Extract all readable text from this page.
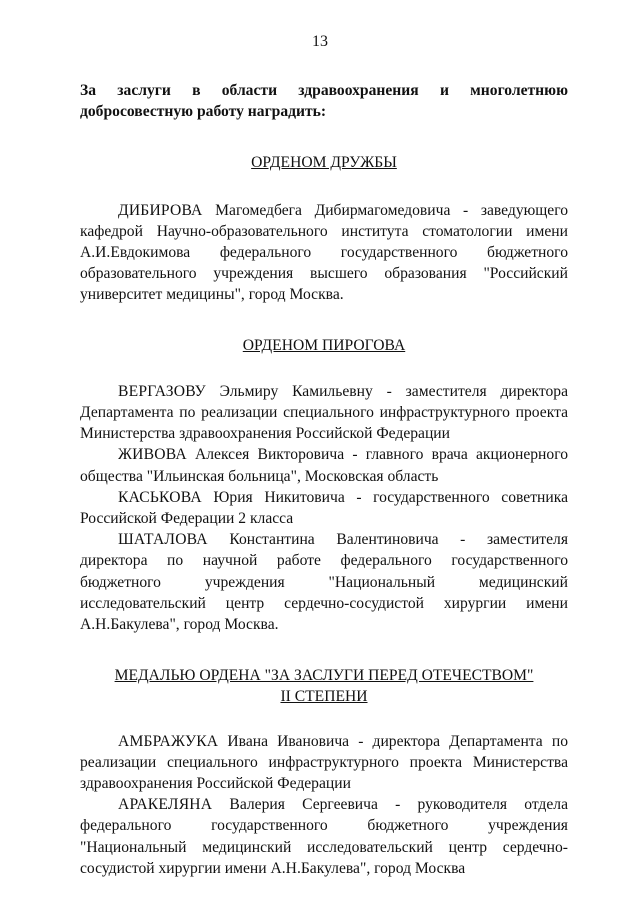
13

За заслуги в области здравоохранения и многолетнюю добросовестную работу наградить:

ОРДЕНОМ ДРУЖБЫ

ДИБИРОВА Магомедбега Дибирмагомедовича - заведующего кафедрой Научно-образовательного института стоматологии имени А.И.Евдокимова федерального государственного бюджетного образовательного учреждения высшего образования "Российский университет медицины", город Москва.

ОРДЕНОМ ПИРОГОВА

ВЕРГАЗОВУ Эльмиру Камильевну - заместителя директора Департамента по реализации специального инфраструктурного проекта Министерства здравоохранения Российской Федерации

ЖИВОВА Алексея Викторовича - главного врача акционерного общества "Ильинская больница", Московская область

КАСЬКОВА Юрия Никитовича - государственного советника Российской Федерации 2 класса

ШАТАЛОВА Константина Валентиновича - заместителя директора по научной работе федерального государственного бюджетного учреждения "Национальный медицинский исследовательский центр сердечно-сосудистой хирургии имени А.Н.Бакулева", город Москва.

МЕДАЛЬЮ ОРДЕНА "ЗА ЗАСЛУГИ ПЕРЕД ОТЕЧЕСТВОМ"

II СТЕПЕНИ

АМБРАЖУКА Ивана Ивановича - директора Департамента по реализации специального инфраструктурного проекта Министерства здравоохранения Российской Федерации

АРАКЕЛЯНА Валерия Сергеевича - руководителя отдела федерального государственного бюджетного учреждения "Национальный медицинский исследовательский центр сердечно-сосудистой хирургии имени А.Н.Бакулева", город Москва
